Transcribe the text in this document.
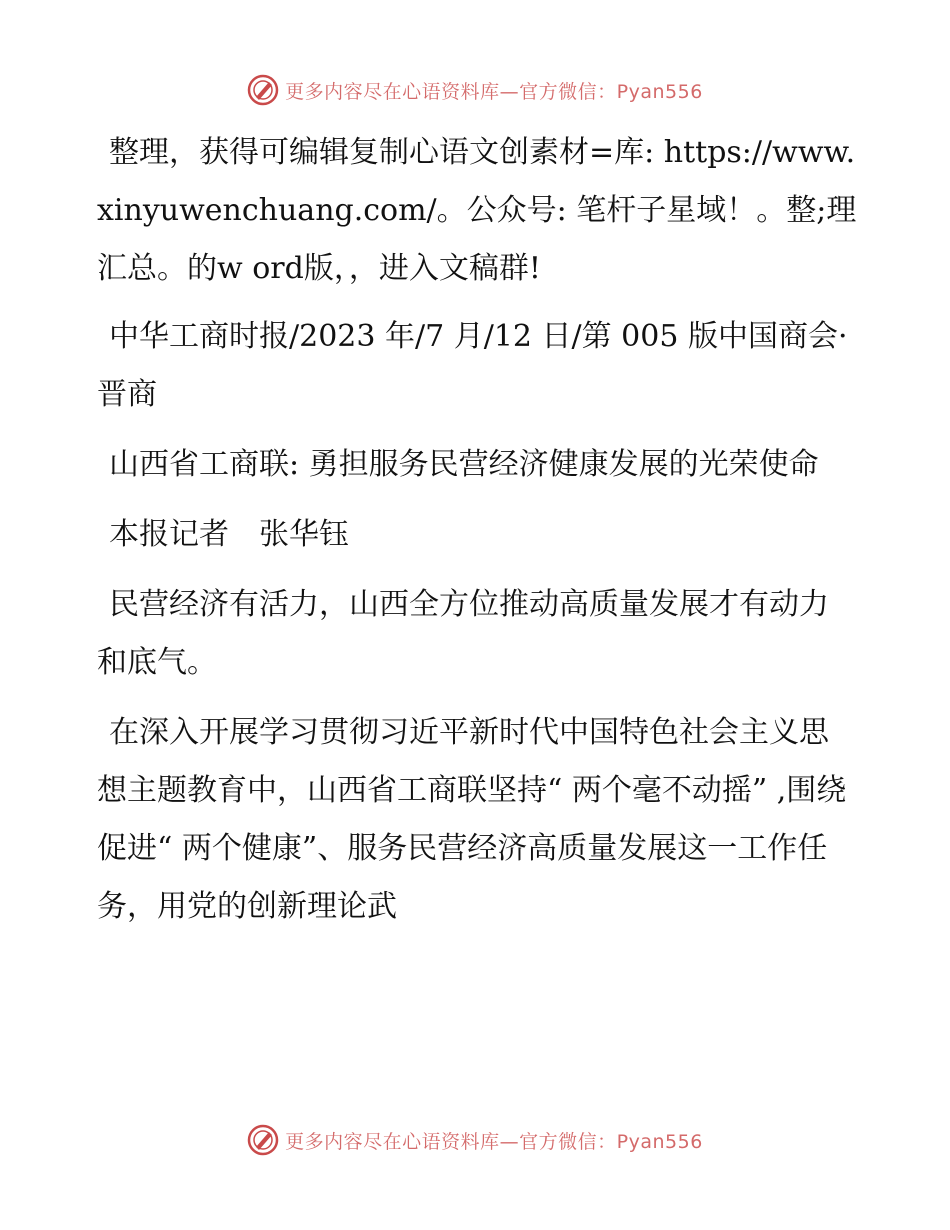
更多内容尽在心语资料库—官方微信：Pyan556

整理，获得可编辑复制心语文创素材=库: https://www.xinyuwenchuang.com/。公众号: 笔杆子星域！。整;理汇总。的w ord版，，进入文稿群!

中华工商时报/2023 年/7 月/12 日/第 005 版中国商会· 晋商

山西省工商联: 勇担服务民营经济健康发展的光荣使命

本报记者　张华钰

民营经济有活力，山西全方位推动高质量发展才有动力和底气。

在深入开展学习贯彻习近平新时代中国特色社会主义思想主题教育中，山西省工商联坚持“ 两个毫不动摇” ,围绕促进“ 两个健康”、服务民营经济高质量发展这一工作任务，用党的创新理论武

更多内容尽在心语资料库—官方微信：Pyan556
